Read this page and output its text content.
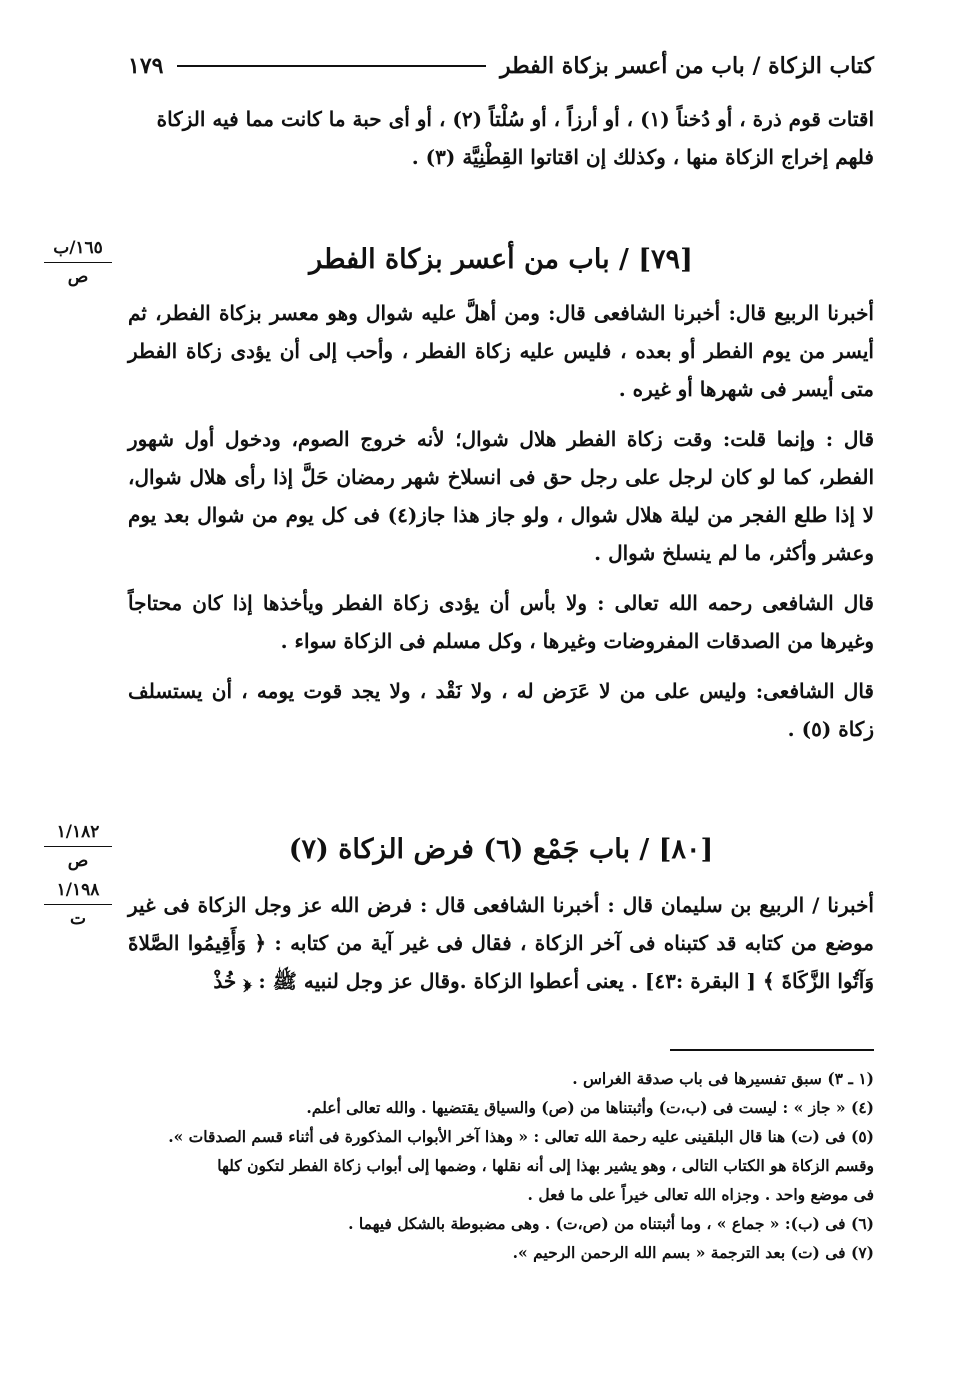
كتاب الزكاة / باب من أعسر بزكاة الفطر
١٧٩

اقتات قوم ذرة ، أو دُخناً (١) ، أو أرزاً ، أو سُلْتاً (٢) ، أو أى حبة ما كانت مما فيه الزكاة

فلهم إخراج الزكاة منها ، وكذلك إن اقتاتوا القِطْنِيَّة (٣) .

١٦٥/ب
ص
[٧٩] / باب من أعسر بزكاة الفطر

أخبرنا الربيع قال: أخبرنا الشافعى قال: ومن أهلَّ عليه شوال وهو معسر بزكاة الفطر، ثم أيسر من يوم الفطر أو بعده ، فليس عليه زكاة الفطر ، وأحب إلى أن يؤدى زكاة الفطر متى أيسر فى شهرها أو غيره .

قال : وإنما قلت: وقت زكاة الفطر هلال شوال؛ لأنه خروج الصوم، ودخول أول شهور الفطر، كما لو كان لرجل على رجل حق فى انسلاخ شهر رمضان حَلَّ إذا رأى هلال شوال، لا إذا طلع الفجر من ليلة هلال شوال ، ولو جاز هذا جاز(٤) فى كل يوم من شوال بعد يوم وعشر وأكثر، ما لم ينسلخ شوال .

قال الشافعى رحمه الله تعالى : ولا بأس أن يؤدى زكاة الفطر ويأخذها إذا كان محتاجاً وغيرها من الصدقات المفروضات وغيرها ، وكل مسلم فى الزكاة سواء .

قال الشافعى: وليس على من لا عَرَض له ، ولا نَقْد ، ولا يجد قوت يومه ، أن يستسلف زكاة (٥) .

١/١٨٢
ص
١/١٩٨
ت
[٨٠] / باب جَمْع (٦) فرض الزكاة (٧)

أخبرنا / الربيع بن سليمان قال : أخبرنا الشافعى قال : فرض الله عز وجل الزكاة فى غير موضع من كتابه قد كتبناه فى آخر الزكاة ، فقال فى غير آية من كتابه : ﴿ وَأَقِيمُوا الصَّلاةَ وَآتُوا الزَّكَاةَ ﴾ [ البقرة :٤٣] . يعنى أعطوا الزكاة .وقال عز وجل لنبيه ﷺ : ﴿ خُذْ

(١ ـ ٣) سبق تفسيرها فى باب صدقة الغراس .

(٤) « جاز » : ليست فى (ب،ت) وأثبتناها من (ص) والسياق يقتضيها . والله تعالى أعلم.

(٥) فى (ت) هنا قال البلقينى عليه رحمة الله تعالى : « وهذا آخر الأبواب المذكورة فى أثناء قسم الصدقات ».

وقسم الزكاة هو الكتاب التالى ، وهو يشير بهذا إلى أنه نقلها ، وضمها إلى أبواب زكاة الفطر لتكون كلها

فى موضع واحد . وجزاه الله تعالى خيراً على ما فعل .

(٦) فى (ب): « جماع » ، وما أثبتناه من (ص،ت) . وهى مضبوطة بالشكل فيهما .

(٧) فى (ت) بعد الترجمة « بسم الله الرحمن الرحيم ».
